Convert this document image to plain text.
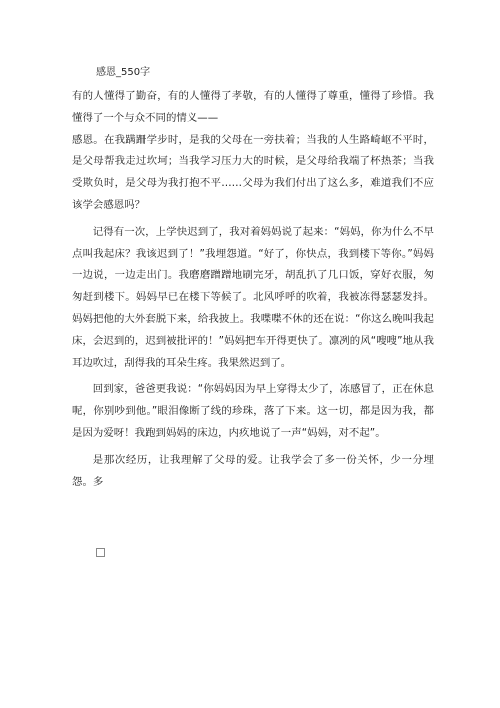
感恩_550字

有的人懂得了勤奋，有的人懂得了孝敬，有的人懂得了尊重，懂得了珍惜。我懂得了一个与众不同的情义——

感恩。在我蹒跚学步时，是我的父母在一旁扶着；当我的人生路崎岖不平时，是父母帮我走过坎坷；当我学习压力大的时候，是父母给我端了杯热茶；当我受欺负时，是父母为我打抱不平……父母为我们付出了这么多，难道我们不应该学会感恩吗？

记得有一次，上学快迟到了，我对着妈妈说了起来：“妈妈，你为什么不早点叫我起床？我该迟到了！”我埋怨道。“好了，你快点，我到楼下等你。”妈妈一边说，一边走出门。我磨磨蹭蹭地刷完牙，胡乱扒了几口饭，穿好衣服，匆匆赶到楼下。妈妈早已在楼下等候了。北风呼呼的吹着，我被冻得瑟瑟发抖。妈妈把他的大外套脱下来，给我披上。我喋喋不休的还在说：“你这么晚叫我起床，会迟到的，迟到被批评的！”妈妈把车开得更快了。凛冽的风“嗖嗖”地从我耳边吹过，刮得我的耳朵生疼。我果然迟到了。

回到家，爸爸更我说：“你妈妈因为早上穿得太少了，冻感冒了，正在休息呢，你别吵到他。”眼泪像断了线的珍珠，落了下来。这一切，都是因为我，都是因为爱呀！我跑到妈妈的床边，内疚地说了一声“妈妈，对不起”。

是那次经历，让我理解了父母的爱。让我学会了多一份关怀，少一分埋怨。多
